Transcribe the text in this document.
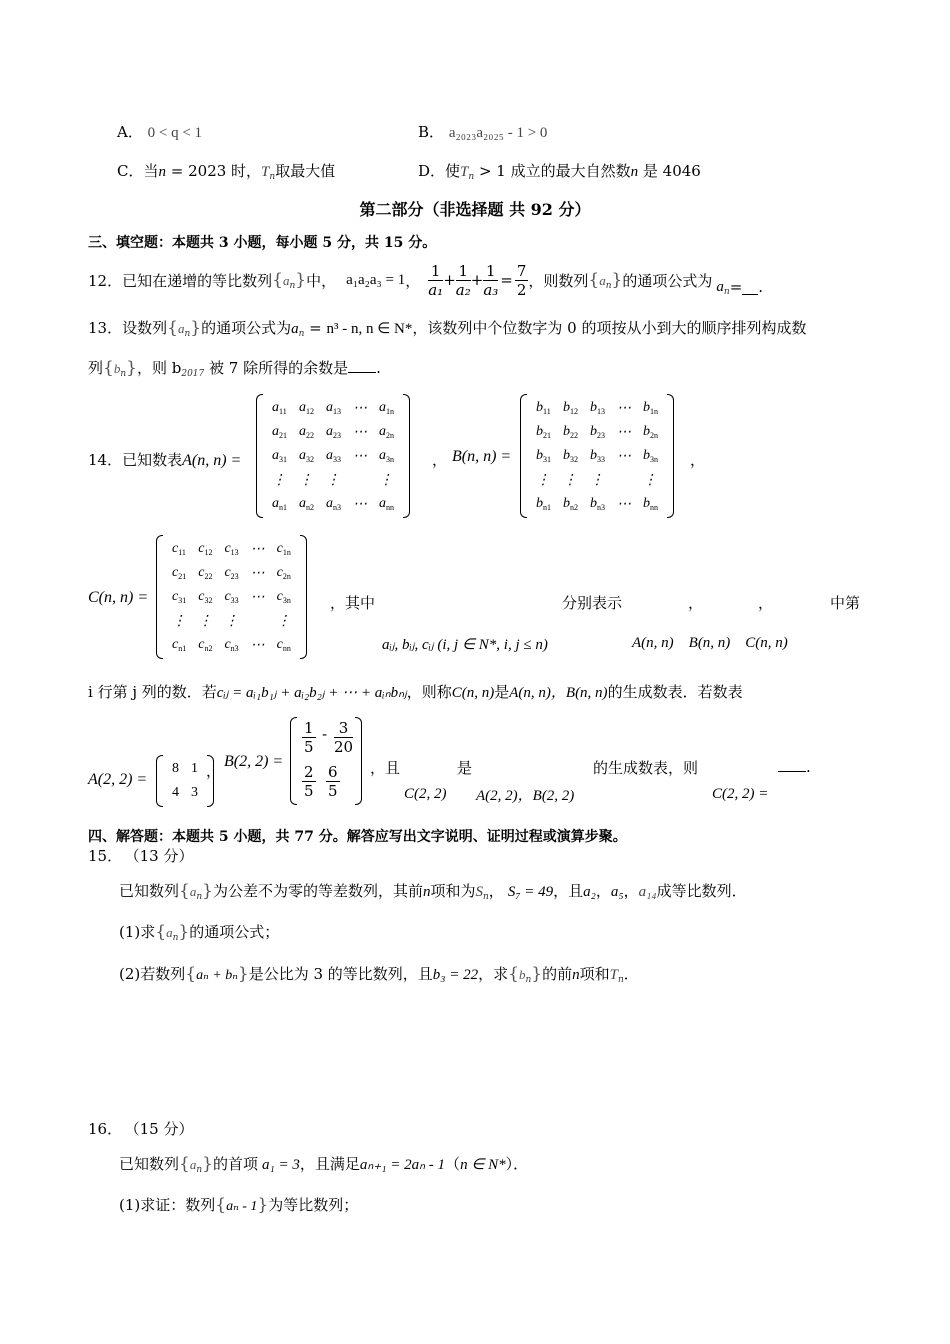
A． 0 < q < 1	B． a₂₀₂₃a₂₀₂₅ - 1 > 0
C．当n = 2023 时，$T_n$取最大值	D．使$T_n > 1$ 成立的最大自然数n 是 4046
第二部分（非选择题 共 92 分）
三、填空题：本题共 3 小题，每小题 5 分，共 15 分。
12． 已知在递增的等比数列 $\{a_n\}$ 中， a₁a₂a₃ = 1 ， $\frac{1}{\text{a₁}} + \frac{1}{\text{a₂}} + \frac{1}{\text{a₃}} = \frac{7}{2}$ ，则数列 $\{a_n\}$ 的通项公式为 $a_n$ = .
13．设数列$\{a_n\}$的通项公式为$a_n = n^3 - n$, n ∈ N*，该数列中个位数字为 0 的项按从小到大的顺序排列构成数
列$\{b_n\}$，则 $b_{2017}$ 被 7 除所得的余数是 .
14．已知数表A(n, n) =
$a_{11}$	$a_{12}$	$a_{13}$	⋯	$a_{1n}$
$a_{21}$	$a_{22}$	$a_{23}$	⋯	$a_{2n}$
$a_{31}$	$a_{32}$	$a_{33}$	⋯	$a_{3n}$
⋮	⋮	⋮		⋮
$a_{n1}$	$a_{n2}$	$a_{n3}$	⋯	$a_{nn}$
， B(n, n) =
$b_{11}$	$b_{12}$	$b_{13}$	⋯	$b_{1n}$
$b_{21}$	$b_{22}$	$b_{23}$	⋯	$b_{2n}$
$b_{31}$	$b_{32}$	$b_{33}$	⋯	$b_{3n}$
⋮	⋮	⋮		⋮
$b_{n1}$	$b_{n2}$	$b_{n3}$	⋯	$b_{nn}$
，
C(n, n) =
$c_{11}$	$c_{12}$	$c_{13}$	⋯	$c_{1n}$
$c_{21}$	$c_{22}$	$c_{23}$	⋯	$c_{2n}$
$c_{31}$	$c_{32}$	$c_{33}$	⋯	$c_{3n}$
⋮	⋮	⋮		⋮
$c_{n1}$	$c_{n2}$	$c_{n3}$	⋯	$c_{nn}$
，其中	分别表示	，	，	中第
aᵢⱼ, bᵢⱼ, cᵢⱼ (i, j ∈ N*, i, j ≤ n)	A(n, n)    B(n, n)    C(n, n)
i 行第 j 列的数．若cᵢⱼ = aᵢ₁b₁ⱼ + aᵢ₂b₂ⱼ + ⋯ + aᵢₙbₙⱼ，则称C(n, n)是A(n, n)，B(n, n)的生成数表．若数表
A(2, 2) =
8	1
4	3
，
B(2, 2) =
$\frac{1}{5} - \frac{3}{20}$
$\frac{2}{5} \frac{6}{5}$ ，且	是	的生成数表，则	.
C(2, 2) A(2, 2)，B(2, 2)	C(2, 2) =
四、解答题：本题共 5 小题，共 77 分。解答应写出文字说明、证明过程或演算步聚。
15． （13 分）
已知数列$\{a_n\}$为公差不为零的等差数列，其前n项和为$S_n$， S₇ = 49，且a₂，a₅，a₁₄成等比数列．
(1)求$\{a_n\}$的通项公式；
(2)若数列{aₙ + bₙ}是公比为 3 的等比数列，且b₃ = 22，求$\{b_n\}$的前n项和$T_n$．
16． （15 分）
已知数列$\{a_n\}$的首项 a₁ = 3，且满足aₙ₊₁ = 2aₙ - 1（n ∈ N*）．
(1)求证：数列{aₙ - 1}为等比数列；
